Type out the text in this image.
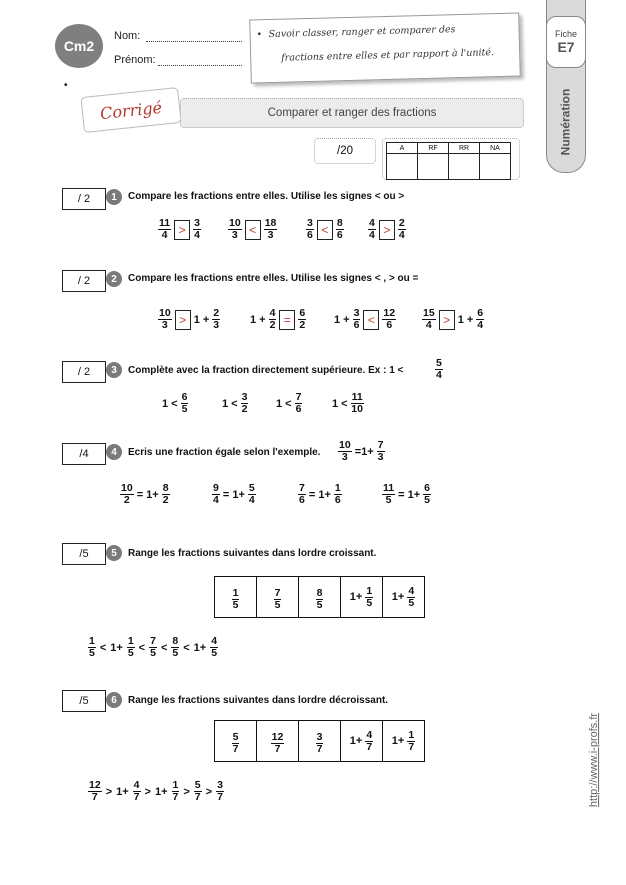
Cm2
Nom:
Prénom:
•
• Savoir classer, ranger et comparer des
fractions entre elles et par rapport à l'unité.
Fiche
E7
Numération
Corrigé	Comparer et ranger des fractions
/20	A	RF	RR	NA

/ 2	1	Compare les fractions entre elles. Utilise les signes < ou >
11
4 > 3
4
10
3 < 18
3
3
6 < 8
6
4
4 > 2
4
/ 2	2	Compare les fractions entre elles. Utilise les signes < , > ou =
10
$3 > 1 + \frac{2}{3}$	$1 + \frac{4}{2} = \frac{6}{2}$	$1 + \frac{3}{6} < 12$
6
15
$4 > 1 + \frac{6}{4}$
/ 2	3	Complète avec la fraction directement supérieure. Ex : 1 <
5
4
1 <
6
5	1 <
3
2	1 <
7
6	1 <
11
10
/4	4	Ecris une fraction égale selon l'exemple. $\frac{10}{3} =1+ \frac{7}{3}$
$\frac{10}{2} = 1+ \frac{8}{2}$	$\frac{9}{4} = 1+ \frac{5}{4}$	$\frac{7}{6} = 1+ \frac{1}{6}$	$\frac{11}{5} = 1+ \frac{6}{5}$
/5	5	Range les fractions suivantes dans lordre croissant.
$\frac{1}{5}$	$\frac{7}{5}$	$\frac{8}{5}$	$1+ \frac{1}{5}$	$1+ \frac{4}{5}$
1
$5 < 1+ \frac{1}{5}$ <
7
5 <
8
$5 < 1+ \frac{4}{5}$
/5	6	Range les fractions suivantes dans lordre décroissant.
$\frac{5}{7}$	$\frac{12}{7}$	$\frac{3}{7}$	$1+ \frac{4}{7}$	$1+ \frac{1}{7}$
12
$7 > 1+ \frac{4}{7} > 1+ \frac{1}{7}$ >
5
7 >
3
7	http://www.i-profs.fr
